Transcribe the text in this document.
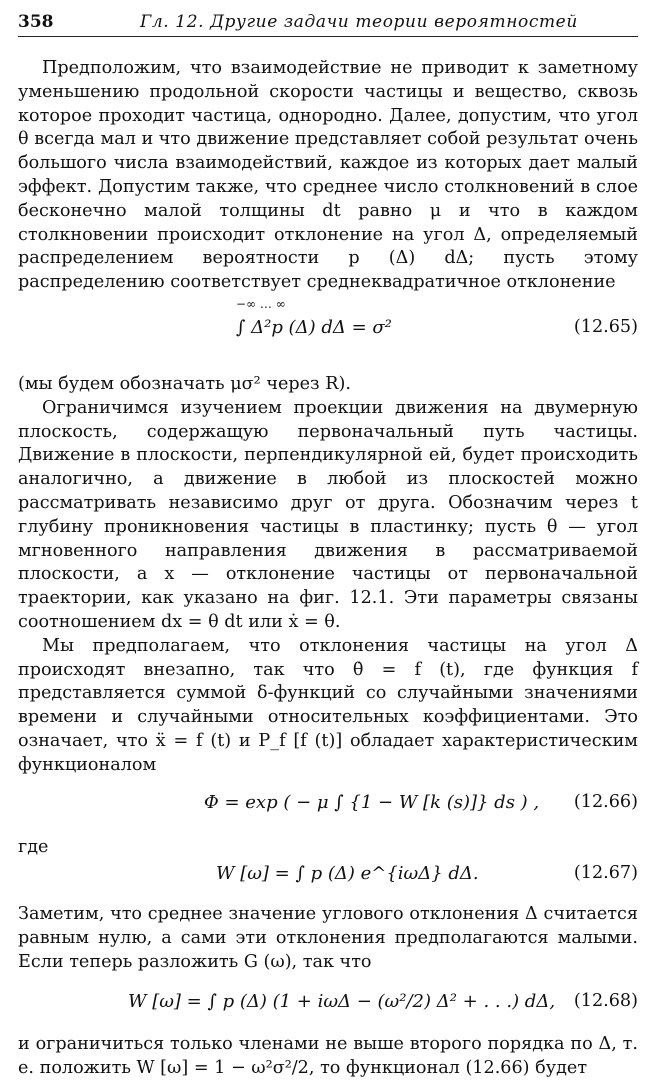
358	Гл. 12. Другие задачи теории вероятностей

Предположим, что взаимодействие не приводит к заметному уменьшению продольной скорости частицы и вещество, сквозь которое проходит частица, однородно. Далее, допустим, что угол θ всегда мал и что движение представляет собой результат очень большого числа взаимодействий, каждое из которых дает малый эффект. Допустим также, что среднее число столкновений в слое бесконечно малой толщины dt равно μ и что в каждом столкновении происходит отклонение на угол Δ, определяемый распределением вероятности p (Δ) dΔ; пусть этому распределению соответствует среднеквадратичное отклонение

∫ Δ²p (Δ) dΔ = σ²
−∞ … ∞
(12.65)

(мы будем обозначать μσ² через R).

Ограничимся изучением проекции движения на двумерную плоскость, содержащую первоначальный путь частицы. Движение в плоскости, перпендикулярной ей, будет происходить аналогично, а движение в любой из плоскостей можно рассматривать независимо друг от друга. Обозначим через t глубину проникновения частицы в пластинку; пусть θ — угол мгновенного направления движения в рассматриваемой плоскости, а x — отклонение частицы от первоначальной траектории, как указано на фиг. 12.1. Эти параметры связаны соотношением dx = θ dt или ẋ = θ.

Мы предполагаем, что отклонения частицы на угол Δ происходят внезапно, так что θ̇ = f (t), где функция f представляется суммой δ-функций со случайными значениями времени и случайными относительных коэффициентами. Это означает, что ẍ = f (t) и P_f [f (t)] обладает характеристическим функционалом

Φ = exp ( − μ ∫ {1 − W [k (s)]} ds ) , (12.66)

где

W [ω] = ∫ p (Δ) e^{iωΔ} dΔ.	(12.67)

Заметим, что среднее значение углового отклонения Δ считается равным нулю, а сами эти отклонения предполагаются малыми. Если теперь разложить G (ω), так что

W [ω] = ∫ p (Δ) (1 + iωΔ − (ω²/2) Δ² + . . .) dΔ, (12.68)

и ограничиться только членами не выше второго порядка по Δ, т. е. положить W [ω] = 1 − ω²σ²/2, то функционал (12.66) будет
